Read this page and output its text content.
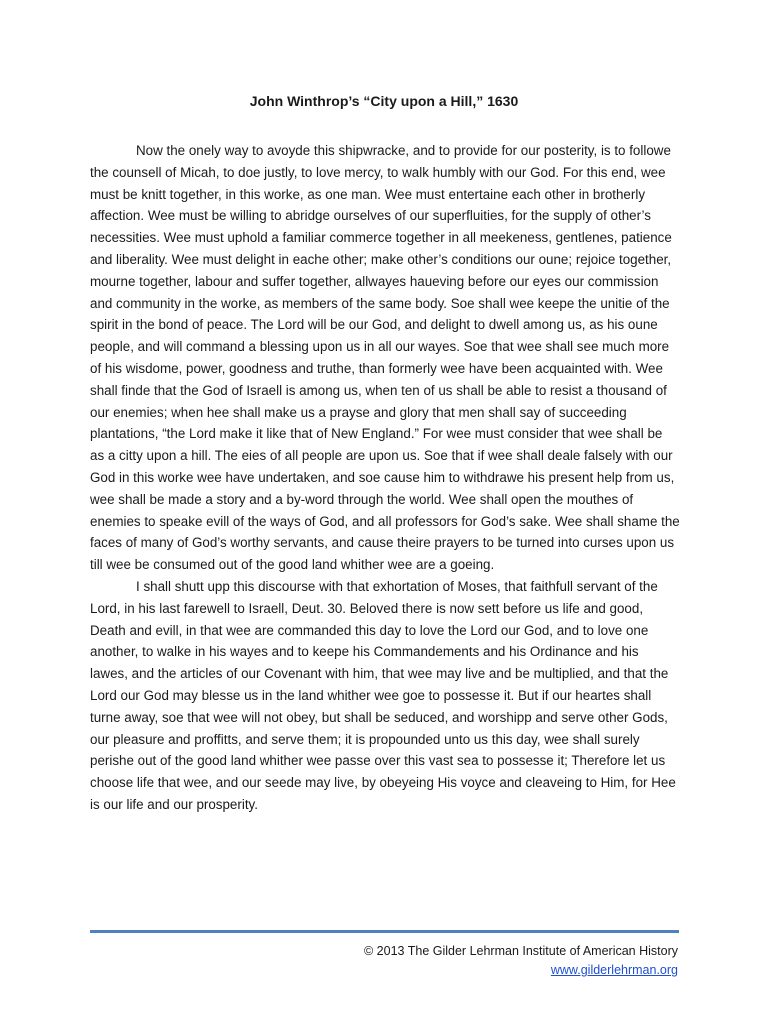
John Winthrop’s “City upon a Hill,” 1630

Now the onely way to avoyde this shipwracke, and to provide for our posterity, is to followe the counsell of Micah, to doe justly, to love mercy, to walk humbly with our God. For this end, wee must be knitt together, in this worke, as one man. Wee must entertaine each other in brotherly affection. Wee must be willing to abridge ourselves of our superfluities, for the supply of other’s necessities. Wee must uphold a familiar commerce together in all meekeness, gentlenes, patience and liberality. Wee must delight in eache other; make other’s conditions our oune; rejoice together, mourne together, labour and suffer together, allwayes haueving before our eyes our commission and community in the worke, as members of the same body. Soe shall wee keepe the unitie of the spirit in the bond of peace. The Lord will be our God, and delight to dwell among us, as his oune people, and will command a blessing upon us in all our wayes. Soe that wee shall see much more of his wisdome, power, goodness and truthe, than formerly wee have been acquainted with. Wee shall finde that the God of Israell is among us, when ten of us shall be able to resist a thousand of our enemies; when hee shall make us a prayse and glory that men shall say of succeeding plantations, “the Lord make it like that of New England.” For wee must consider that wee shall be as a citty upon a hill. The eies of all people are upon us. Soe that if wee shall deale falsely with our God in this worke wee have undertaken, and soe cause him to withdrawe his present help from us, wee shall be made a story and a by-word through the world. Wee shall open the mouthes of enemies to speake evill of the ways of God, and all professors for God’s sake. Wee shall shame the faces of many of God’s worthy servants, and cause theire prayers to be turned into curses upon us till wee be consumed out of the good land whither wee are a goeing.

I shall shutt upp this discourse with that exhortation of Moses, that faithfull servant of the Lord, in his last farewell to Israell, Deut. 30. Beloved there is now sett before us life and good, Death and evill, in that wee are commanded this day to love the Lord our God, and to love one another, to walke in his wayes and to keepe his Commandements and his Ordinance and his lawes, and the articles of our Covenant with him, that wee may live and be multiplied, and that the Lord our God may blesse us in the land whither wee goe to possesse it. But if our heartes shall turne away, soe that wee will not obey, but shall be seduced, and worshipp and serve other Gods, our pleasure and proffitts, and serve them; it is propounded unto us this day, wee shall surely perishe out of the good land whither wee passe over this vast sea to possesse it; Therefore let us choose life that wee, and our seede may live, by obeyeing His voyce and cleaveing to Him, for Hee is our life and our prosperity.

© 2013 The Gilder Lehrman Institute of American History
www.gilderlehrman.org
